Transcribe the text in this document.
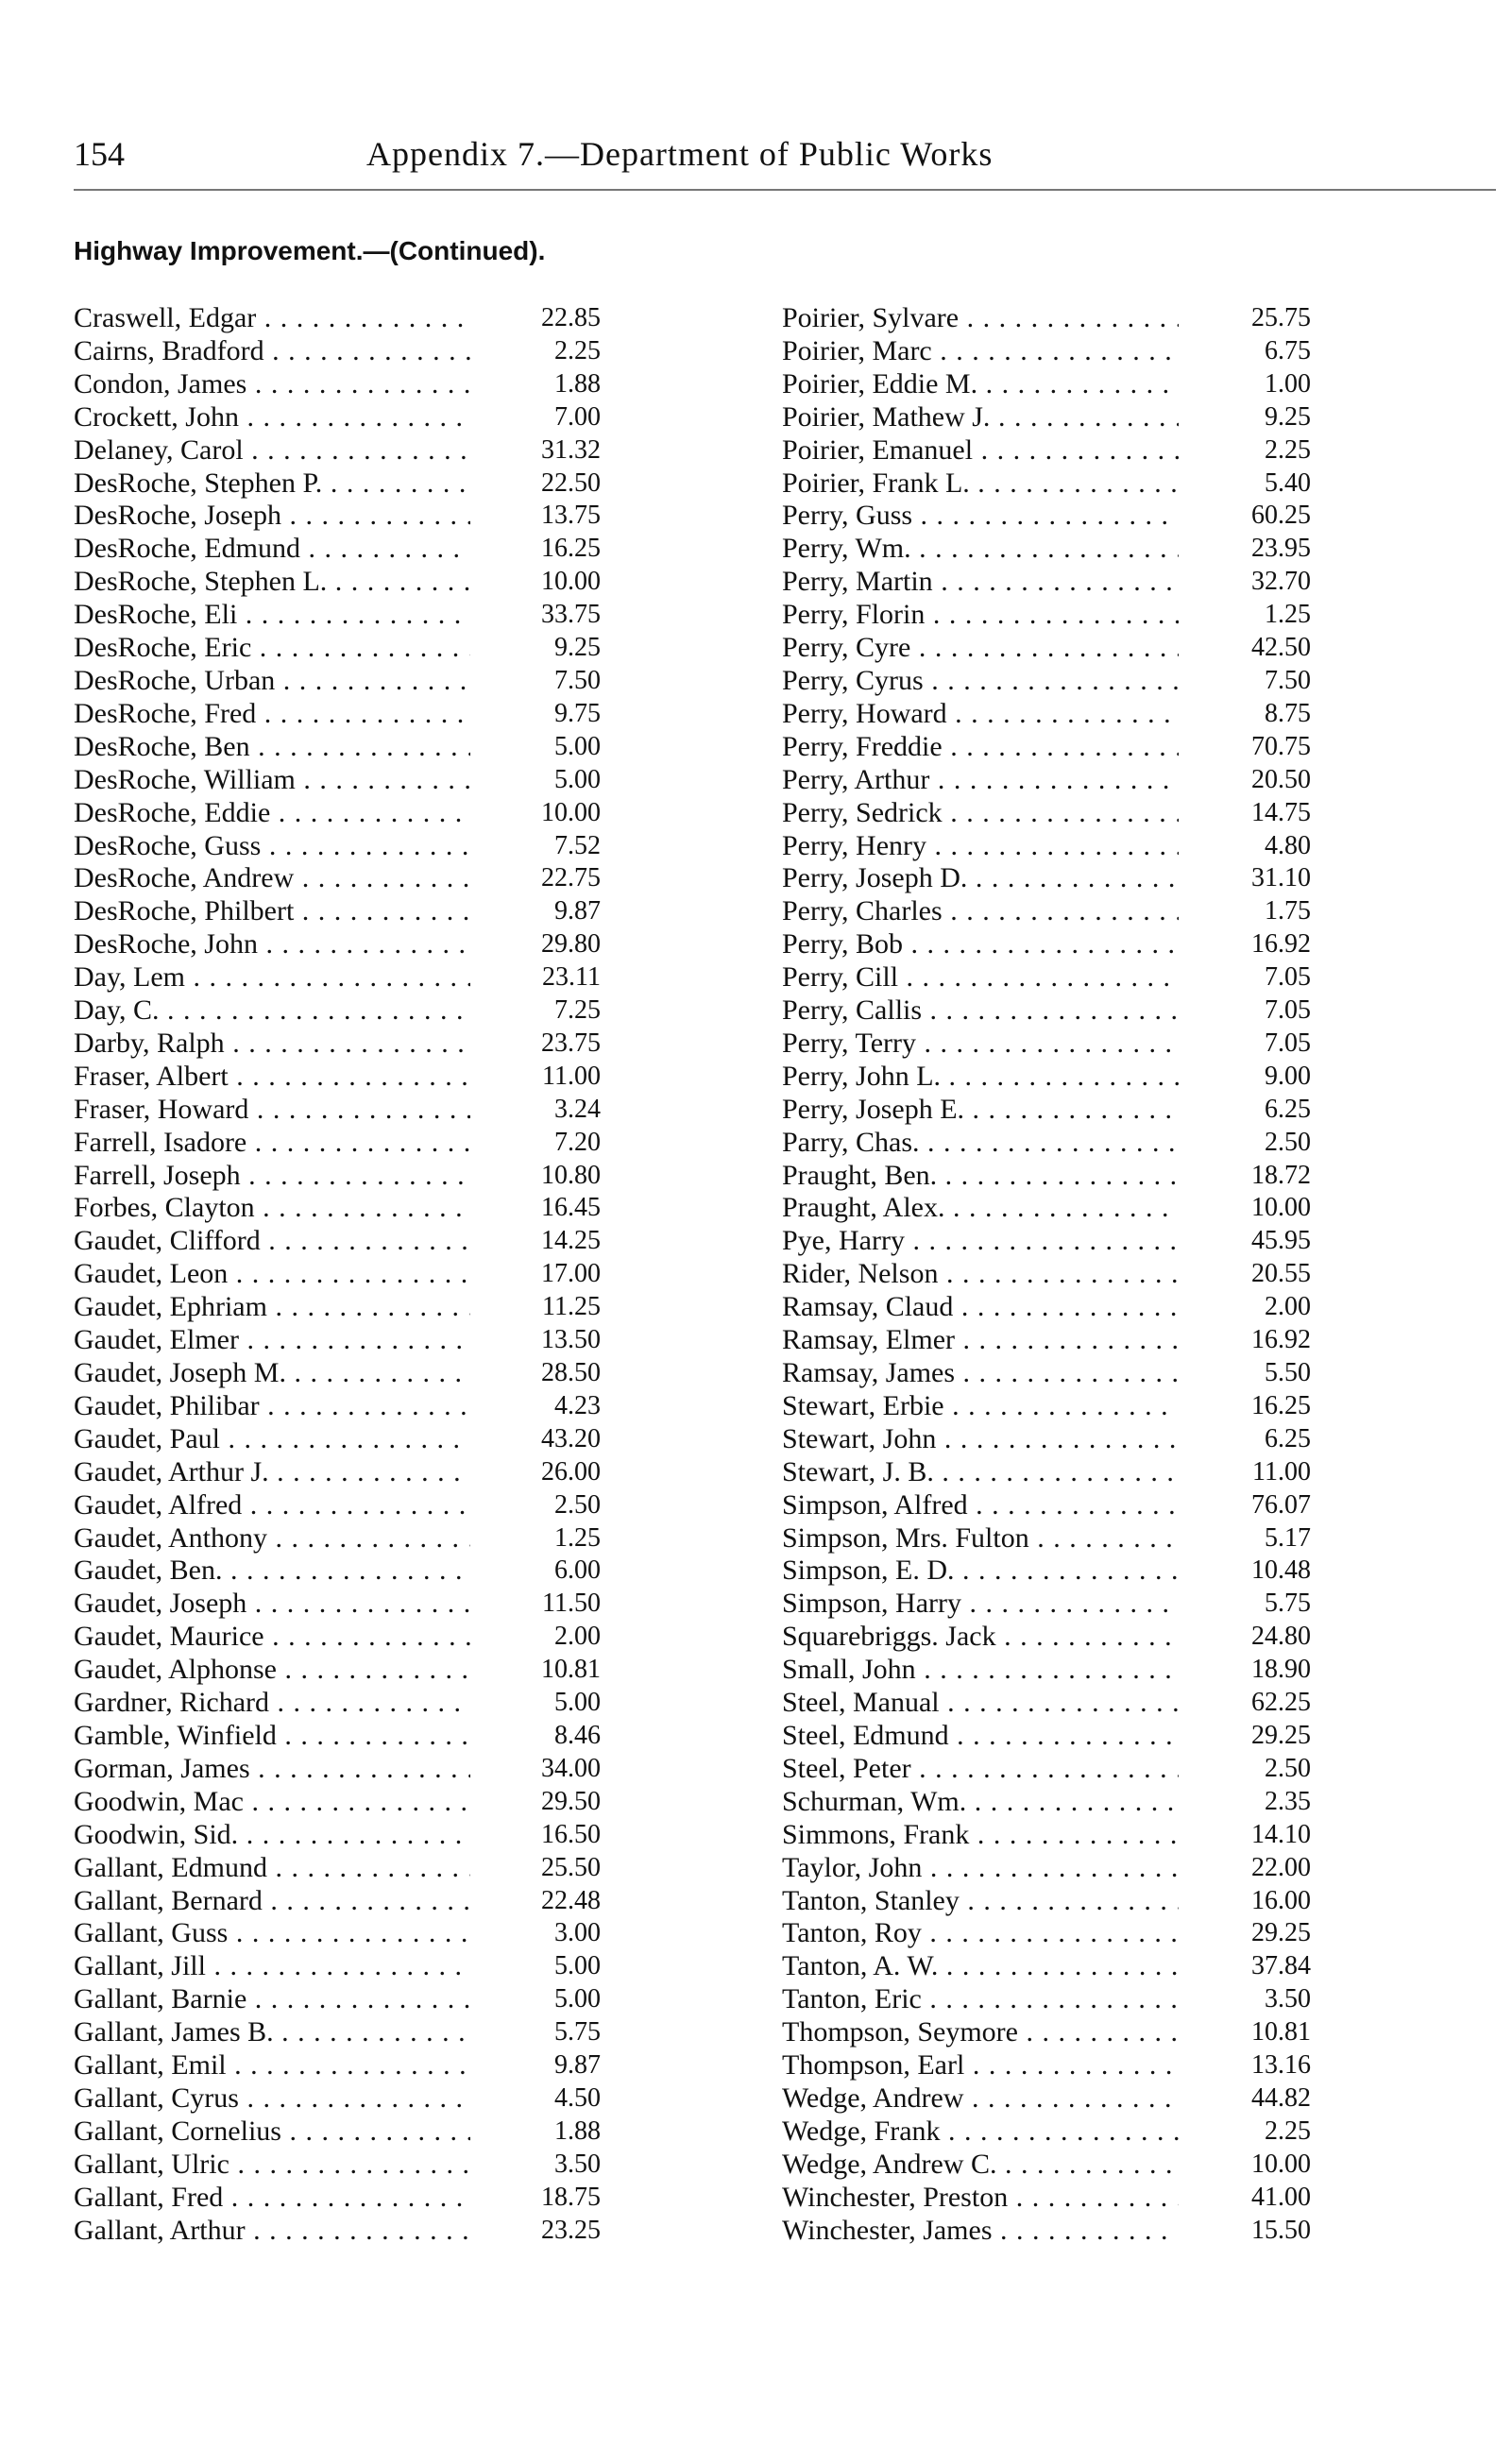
154	Appendix 7.—Department of Public Works
Highway Improvement.—(Continued).
Craswell, Edgar . . .	22.85
Cairns, Bradford . . .	2.25
Condon, James . . .	1.88
Crockett, John . . .	7.00
Delaney, Carol . . .	31.32
DesRoche, Stephen P. . . .	22.50
DesRoche, Joseph . . .	13.75
DesRoche, Edmund . . .	16.25
DesRoche, Stephen L. . . .	10.00
DesRoche, Eli . . .	33.75
DesRoche, Eric . . .	9.25
DesRoche, Urban . . .	7.50
DesRoche, Fred . . .	9.75
DesRoche, Ben . . .	5.00
DesRoche, William . . .	5.00
DesRoche, Eddie . . .	10.00
DesRoche, Guss . . .	7.52
DesRoche, Andrew . . .	22.75
DesRoche, Philbert . . .	9.87
DesRoche, John . . .	29.80
Day, Lem . . .	23.11
Day, C. . . .	7.25
Darby, Ralph . . .	23.75
Fraser, Albert . . .	11.00
Fraser, Howard . . .	3.24
Farrell, Isadore . . .	7.20
Farrell, Joseph . . .	10.80
Forbes, Clayton . . .	16.45
Gaudet, Clifford . . .	14.25
Gaudet, Leon . . .	17.00
Gaudet, Ephriam . . .	11.25
Gaudet, Elmer . . .	13.50
Gaudet, Joseph M. . . .	28.50
Gaudet, Philibar . . .	4.23
Gaudet, Paul . . .	43.20
Gaudet, Arthur J. . . .	26.00
Gaudet, Alfred . . .	2.50
Gaudet, Anthony . . .	1.25
Gaudet, Ben. . . .	6.00
Gaudet, Joseph . . .	11.50
Gaudet, Maurice . . .	2.00
Gaudet, Alphonse . . .	10.81
Gardner, Richard . . .	5.00
Gamble, Winfield . . .	8.46
Gorman, James . . .	34.00
Goodwin, Mac . . .	29.50
Goodwin, Sid. . . .	16.50
Gallant, Edmund . . .	25.50
Gallant, Bernard . . .	22.48
Gallant, Guss . . .	3.00
Gallant, Jill . . .	5.00
Gallant, Barnie . . .	5.00
Gallant, James B. . . .	5.75
Gallant, Emil . . .	9.87
Gallant, Cyrus . . .	4.50
Gallant, Cornelius . . .	1.88
Gallant, Ulric . . .	3.50
Gallant, Fred . . .	18.75
Gallant, Arthur . . .	23.25
Poirier, Sylvare . . .	25.75
Poirier, Marc . . .	6.75
Poirier, Eddie M. . . .	1.00
Poirier, Mathew J. . . .	9.25
Poirier, Emanuel . . .	2.25
Poirier, Frank L. . . .	5.40
Perry, Guss . . .	60.25
Perry, Wm. . . .	23.95
Perry, Martin . . .	32.70
Perry, Florin . . .	1.25
Perry, Cyre . . .	42.50
Perry, Cyrus . . .	7.50
Perry, Howard . . .	8.75
Perry, Freddie . . .	70.75
Perry, Arthur . . .	20.50
Perry, Sedrick . . .	14.75
Perry, Henry . . .	4.80
Perry, Joseph D. . . .	31.10
Perry, Charles . . .	1.75
Perry, Bob . . .	16.92
Perry, Cill . . .	7.05
Perry, Callis . . .	7.05
Perry, Terry . . .	7.05
Perry, John L. . . .	9.00
Perry, Joseph E. . . .	6.25
Parry, Chas. . . .	2.50
Praught, Ben. . . .	18.72
Praught, Alex. . . .	10.00
Pye, Harry . . .	45.95
Rider, Nelson . . .	20.55
Ramsay, Claud . . .	2.00
Ramsay, Elmer . . .	16.92
Ramsay, James . . .	5.50
Stewart, Erbie . . .	16.25
Stewart, John . . .	6.25
Stewart, J. B. . . .	11.00
Simpson, Alfred . . .	76.07
Simpson, Mrs. Fulton . . .	5.17
Simpson, E. D. . . .	10.48
Simpson, Harry . . .	5.75
Squarebriggs. Jack . . .	24.80
Small, John . . .	18.90
Steel, Manual . . .	62.25
Steel, Edmund . . .	29.25
Steel, Peter . . .	2.50
Schurman, Wm. . . .	2.35
Simmons, Frank . . .	14.10
Taylor, John . . .	22.00
Tanton, Stanley . . .	16.00
Tanton, Roy . . .	29.25
Tanton, A. W. . . .	37.84
Tanton, Eric . . .	3.50
Thompson, Seymore . . .	10.81
Thompson, Earl . . .	13.16
Wedge, Andrew . . .	44.82
Wedge, Frank . . .	2.25
Wedge, Andrew C. . . .	10.00
Winchester, Preston . . .	41.00
Winchester, James . . .	15.50
